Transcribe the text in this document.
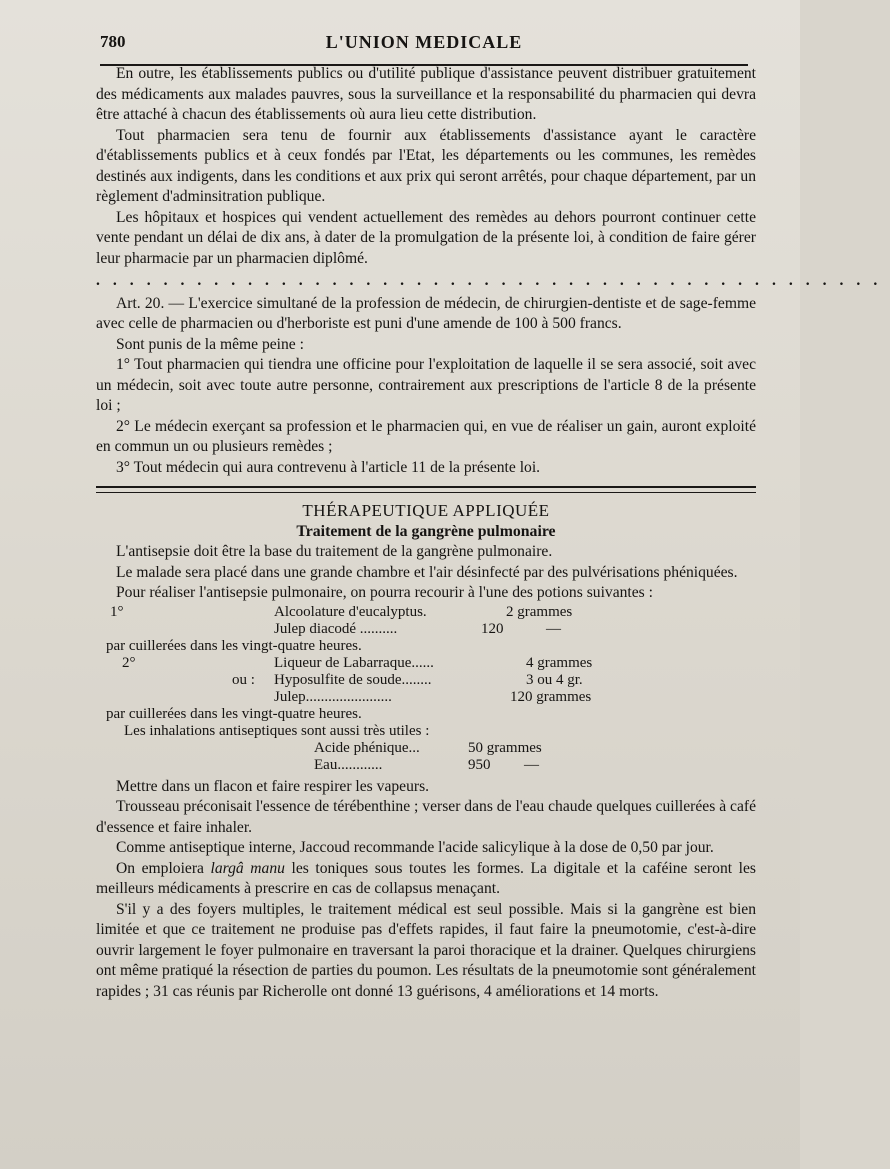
780	L'UNION MEDICALE

En outre, les établissements publics ou d'utilité publique d'assistance peuvent distribuer gratuitement des médicaments aux malades pauvres, sous la surveillance et la responsabilité du pharmacien qui devra être attaché à chacun des établissements où aura lieu cette distribution.

Tout pharmacien sera tenu de fournir aux établissements d'assistance ayant le caractère d'établissements publics et à ceux fondés par l'Etat, les départements ou les communes, les remèdes destinés aux indigents, dans les conditions et aux prix qui seront arrêtés, pour chaque département, par un règlement d'adminsitration publique.

Les hôpitaux et hospices qui vendent actuellement des remèdes au dehors pourront continuer cette vente pendant un délai de dix ans, à dater de la promulgation de la présente loi, à condition de faire gérer leur pharmacie par un pharmacien diplômé.

...............................................

Art. 20. — L'exercice simultané de la profession de médecin, de chirurgien-dentiste et de sage-femme avec celle de pharmacien ou d'herboriste est puni d'une amende de 100 à 500 francs.

Sont punis de la même peine :

1° Tout pharmacien qui tiendra une officine pour l'exploitation de laquelle il se sera associé, soit avec un médecin, soit avec toute autre personne, contrairement aux prescriptions de l'article 8 de la présente loi ;

2° Le médecin exerçant sa profession et le pharmacien qui, en vue de réaliser un gain, auront exploité en commun un ou plusieurs remèdes ;

3° Tout médecin qui aura contrevenu à l'article 11 de la présente loi.

THÉRAPEUTIQUE APPLIQUÉE
Traitement de la gangrène pulmonaire

L'antisepsie doit être la base du traitement de la gangrène pulmonaire.

Le malade sera placé dans une grande chambre et l'air désinfecté par des pulvérisations phéniquées.

Pour réaliser l'antisepsie pulmonaire, on pourra recourir à l'une des potions suivantes :

1°	Alcoolature d'eucalyptus.	2 grammes
Julep diacodé ..........	120	—
par cuillerées dans les vingt-quatre heures.
2°	Liqueur de Labarraque......	4 grammes
ou : Hyposulfite de soude........	3 ou 4 gr.
Julep.......................	120 grammes
par cuillerées dans les vingt-quatre heures.
Les inhalations antiseptiques sont aussi très utiles :
Acide phénique...	50 grammes
Eau............	950 —

Mettre dans un flacon et faire respirer les vapeurs.

Trousseau préconisait l'essence de térébenthine ; verser dans de l'eau chaude quelques cuillerées à café d'essence et faire inhaler.

Comme antiseptique interne, Jaccoud recommande l'acide salicylique à la dose de 0,50 par jour.

On emploiera largâ manu les toniques sous toutes les formes. La digitale et la caféine seront les meilleurs médicaments à prescrire en cas de collapsus menaçant.

S'il y a des foyers multiples, le traitement médical est seul possible. Mais si la gangrène est bien limitée et que ce traitement ne produise pas d'effets rapides, il faut faire la pneumotomie, c'est-à-dire ouvrir largement le foyer pulmonaire en traversant la paroi thoracique et la drainer. Quelques chirurgiens ont même pratiqué la résection de parties du poumon. Les résultats de la pneumotomie sont généralement rapides ; 31 cas réunis par Richerolle ont donné 13 guérisons, 4 améliorations et 14 morts.
